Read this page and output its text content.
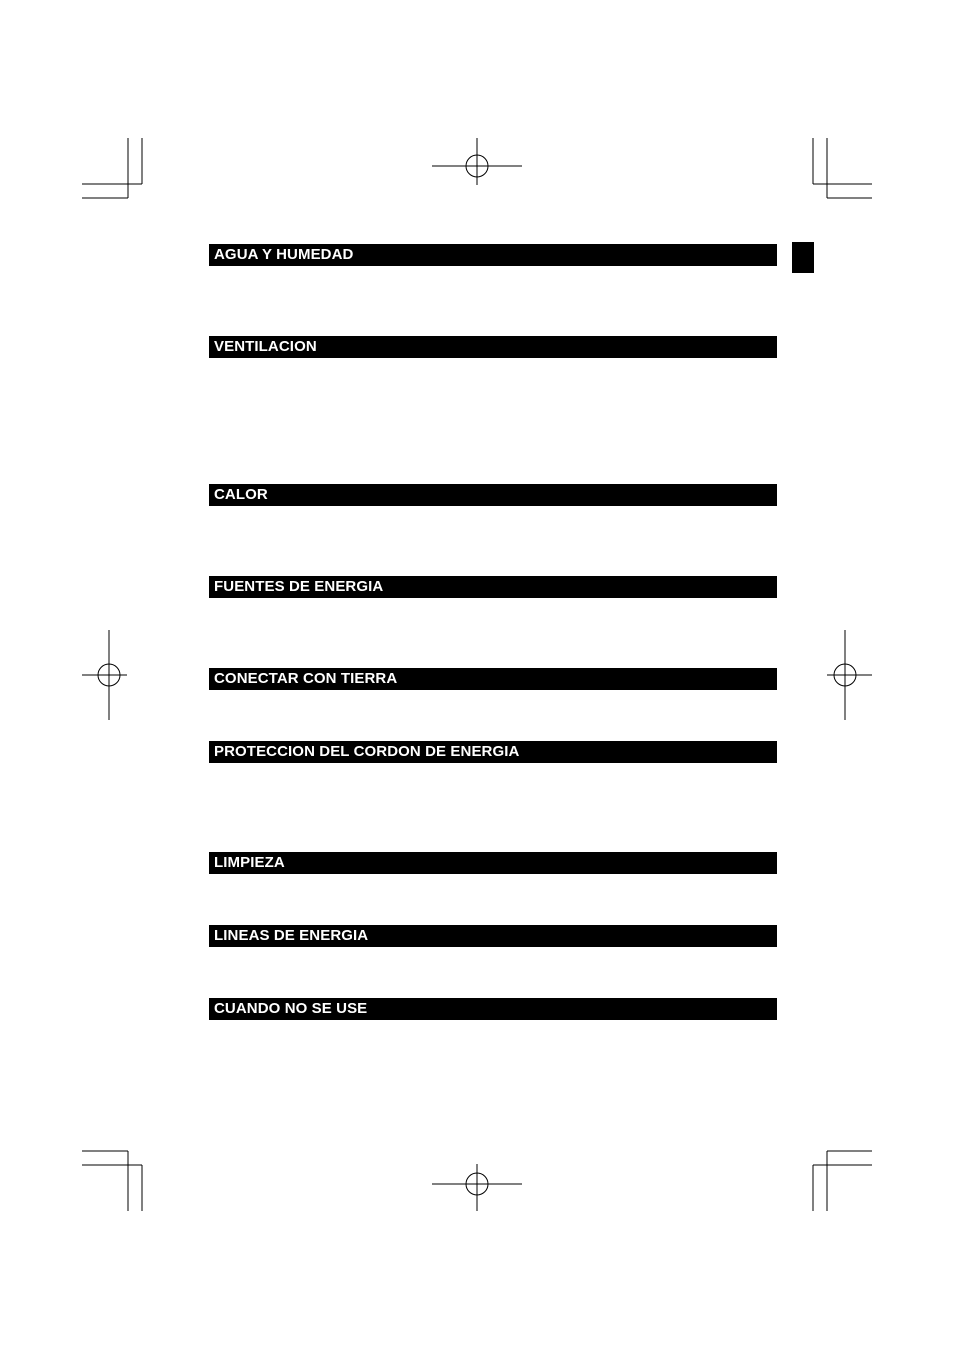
AGUA Y HUMEDAD
VENTILACION
CALOR
FUENTES DE ENERGIA
CONECTAR CON TIERRA
PROTECCION DEL CORDON DE ENERGIA
LIMPIEZA
LINEAS DE ENERGIA
CUANDO NO SE USE
